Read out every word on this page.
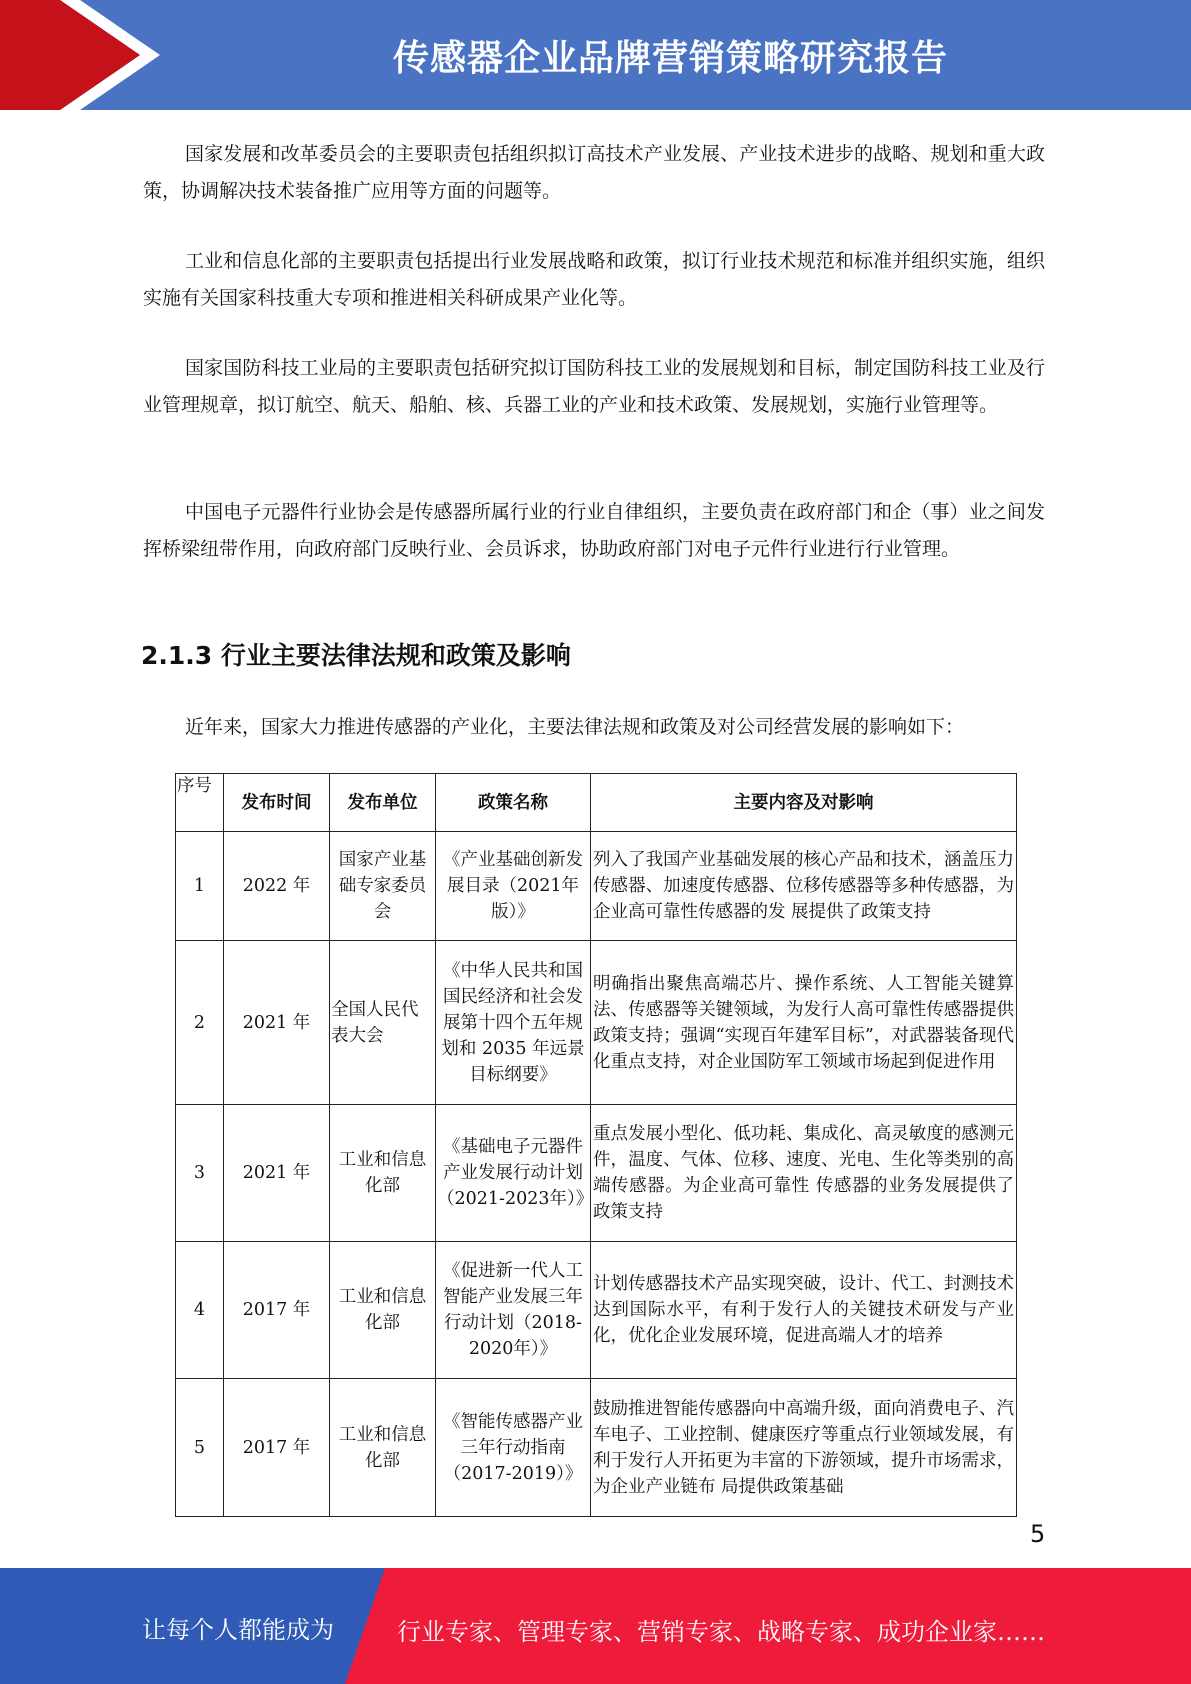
传感器企业品牌营销策略研究报告

国家发展和改革委员会的主要职责包括组织拟订高技术产业发展、产业技术进步的战略、规划和重大政策，协调解决技术装备推广应用等方面的问题等。

工业和信息化部的主要职责包括提出行业发展战略和政策，拟订行业技术规范和标准并组织实施，组织实施有关国家科技重大专项和推进相关科研成果产业化等。

国家国防科技工业局的主要职责包括研究拟订国防科技工业的发展规划和目标，制定国防科技工业及行业管理规章，拟订航空、航天、船舶、核、兵器工业的产业和技术政策、发展规划，实施行业管理等。

中国电子元器件行业协会是传感器所属行业的行业自律组织，主要负责在政府部门和企（事）业之间发挥桥梁纽带作用，向政府部门反映行业、会员诉求，协助政府部门对电子元件行业进行行业管理。

2.1.3 行业主要法律法规和政策及影响

近年来，国家大力推进传感器的产业化，主要法律法规和政策及对公司经营发展的影响如下：

序号	发布时间	发布单位	政策名称	主要内容及对影响
1	2022 年	国家产业基础专家委员会	《产业基础创新发展目录（2021年版）》	列入了我国产业基础发展的核心产品和技术，涵盖压力传感器、加速度传感器、位移传感器等多种传感器，为企业高可靠性传感器的发 展提供了政策支持
2	2021 年	全国人民代表大会	《中华人民共和国国民经济和社会发展第十四个五年规划和 2035 年远景目标纲要》	明确指出聚焦高端芯片、操作系统、人工智能关键算法、传感器等关键领域，为发行人高可靠性传感器提供政策支持；强调“实现百年建军目标”，对武器装备现代化重点支持，对企业国防军工领域市场起到促进作用
3	2021 年	工业和信息化部	《基础电子元器件产业发展行动计划（2021-2023年）》	重点发展小型化、低功耗、集成化、高灵敏度的感测元件，温度、气体、位移、速度、光电、生化等类别的高端传感器。为企业高可靠性 传感器的业务发展提供了政策支持
4	2017 年	工业和信息化部	《促进新一代人工智能产业发展三年行动计划（2018-2020年）》	计划传感器技术产品实现突破，设计、代工、封测技术达到国际水平，有利于发行人的关键技术研发与产业化，优化企业发展环境，促进高端人才的培养
5	2017 年	工业和信息化部	《智能传感器产业三年行动指南（2017-2019）》	鼓励推进智能传感器向中高端升级，面向消费电子、汽车电子、工业控制、健康医疗等重点行业领域发展，有利于发行人开拓更为丰富的下游领域，提升市场需求，为企业产业链布 局提供政策基础
5
让每个人都能成为	行业专家、管理专家、营销专家、战略专家、成功企业家……
